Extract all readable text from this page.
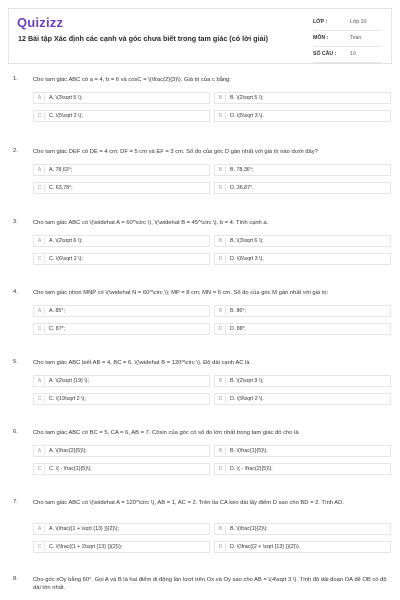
Quizizz
12 Bài tập Xác định các cạnh và góc chưa biết trong tam giác (có lời giải)
LỚP :	Lớp 10
MÔN :	Toán
SỐ CÂU :	10
1.	Cho tam giác ABC có a = 4, b = 6 và cosC = \(\frac{2}{3}\). Giá trị của c bằng:
A	A. \(3\sqrt 5 \);	B	B. \(2\sqrt 5 \);
C	C. \(5\sqrt 2 \);	D	D. \(5\sqrt 3 \).
2.	Cho tam giác DEF có DE = 4 cm; DF = 5 cm và EF = 3 cm. Số đo của góc D gần nhất với giá trị nào dưới đây?
A	A. 78,63°;	B	B. 78,36°;
C	C. 63,78°;	D	D. 36,87°.
3.	Cho tam giác ABC có \(\widehat A = 60^\circ \), \(\widehat B = 45^\circ \), b = 4. Tính cạnh a.
A	A. \(2\sqrt 6 \);	B	B. \(3\sqrt 6 \);
C	C. \(6\sqrt 2 \);	D	D. \(6\sqrt 3 \).
4.	Cho tam giác nhọn MNP có \(\widehat N = 60^\circ \); MP = 8 cm; MN = 5 cm. Số đo của góc M gần nhất với giá trị:
A	A. 85°;	B	B. 86°;
C	C. 87°;	D	D. 88°.
5.	Cho tam giác ABC biết AB = 4, BC = 6, \(\widehat B = 120^\circ \). Độ dài cạnh AC là
A	A. \(2\sqrt {19} \);	B	B. \(2\sqrt 9 \);
C	C. \(19\sqrt 2 \);	D	D. \(9\sqrt 2 \).
6.	Cho tam giác ABC có BC = 5, CA = 6, AB = 7. Côsin của góc có số đo lớn nhất trong tam giác đó cho là
A	A. \(\frac{2}{5}\);	B	B. \(\frac{1}{5}\);
C	C. \( - \frac{1}{5}\);	D	D. \( - \frac{2}{5}\).
7.	Cho tam giác ABC có \(\widehat A = 120^\circ \), AB = 1, AC = 2. Trên tia CA kéo dài lấy điểm D sao cho BD = 2. Tính AD.
A	A. \(\frac{{1 + \sqrt {13} }}{2}\);	B	B. \(\frac{1}{2}\);
C	C. \(\frac{{1 + 2\sqrt {13} }}{2}\);	D	D. \(\frac{{2 + \sqrt {13} }}{2}\).
8.	Cho góc xOy bằng 60°. Gọi A và B là hai điểm di động lần lượt trên Ox và Oy sao cho AB = \(4\sqrt 3 \). Tính độ dài đoạn OA để OB có độ dài lớn nhất.
